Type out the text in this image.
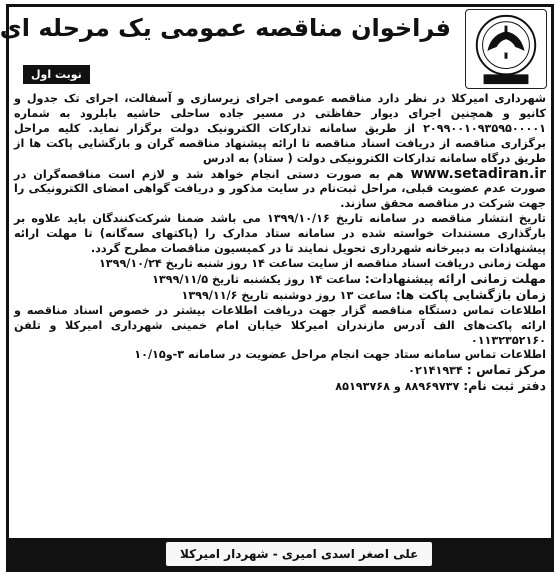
فراخوان مناقصه عمومی یک مرحله ای
نوبت اول

شهرداری امیرکلا در نظر دارد مناقصه عمومی اجرای زیرسازی و آسفالت، اجرای تک جدول و کانیو و همچنین اجرای دیوار حفاظتی در مسیر جاده ساحلی حاشیه بابلرود به شماره ۲۰۹۹۰۰۱۰۹۳۵۹۵۰۰۰۰۱ از طریق سامانه تدارکات الکترونیک دولت برگزار نماید. کلیه مراحل برگزاری مناقصه از دریافت اسناد مناقصه تا ارائه پیشنهاد مناقصه گران و بازگشایی پاکت ها از طریق درگاه سامانه تدارکات الکترونیکی دولت ( ستاد) به ادرس

www.setadiran.ir هم به صورت دستی انجام خواهد شد و لازم است مناقصه‌گران در صورت عدم عضویت قبلی، مراحل ثبت‌نام در سایت مذکور و دریافت گواهی امضای الکترونیکی را جهت شرکت در مناقصه محقق سازند.

تاریخ انتشار مناقصه در سامانه تاریخ ۱۳۹۹/۱۰/۱۶ می باشد ضمنا شرکت‌کنندگان باید علاوه بر بارگذاری مستندات خواسته شده در سامانه ستاد مدارک را (پاکتهای سه‌گانه) تا مهلت ارائه پیشنهادات به دبیرخانه شهرداری تحویل نمایند تا در کمیسیون مناقصات مطرح گردد.

مهلت زمانی دریافت اسناد مناقصه از سایت ساعت ۱۴ روز شنبه تاریخ ۱۳۹۹/۱۰/۲۴

مهلت زمانی ارائه پیشنهادات: ساعت ۱۴ روز یکشنبه تاریخ ۱۳۹۹/۱۱/۵

زمان بازگشایی پاکت ها: ساعت ۱۳ روز دوشنبه تاریخ ۱۳۹۹/۱۱/۶

اطلاعات تماس دستگاه مناقصه گزار جهت دریافت اطلاعات بیشتر در خصوص اسناد مناقصه و ارائه پاکت‌های الف آدرس مازندران امیرکلا خیابان امام خمینی شهرداری امیرکلا و تلفن ۰۱۱۳۲۳۵۲۱۶۰

اطلاعات تماس سامانه ستاد جهت انجام مراحل عضویت در سامانه ۳-و۱۰/۱۵

مرکز تماس : ۰۲۱۴۱۹۳۴

دفتر ثبت نام: ۸۸۹۶۹۷۳۷ و ۸۵۱۹۳۷۶۸

علی اصغر اسدی امیری - شهردار امیرکلا
